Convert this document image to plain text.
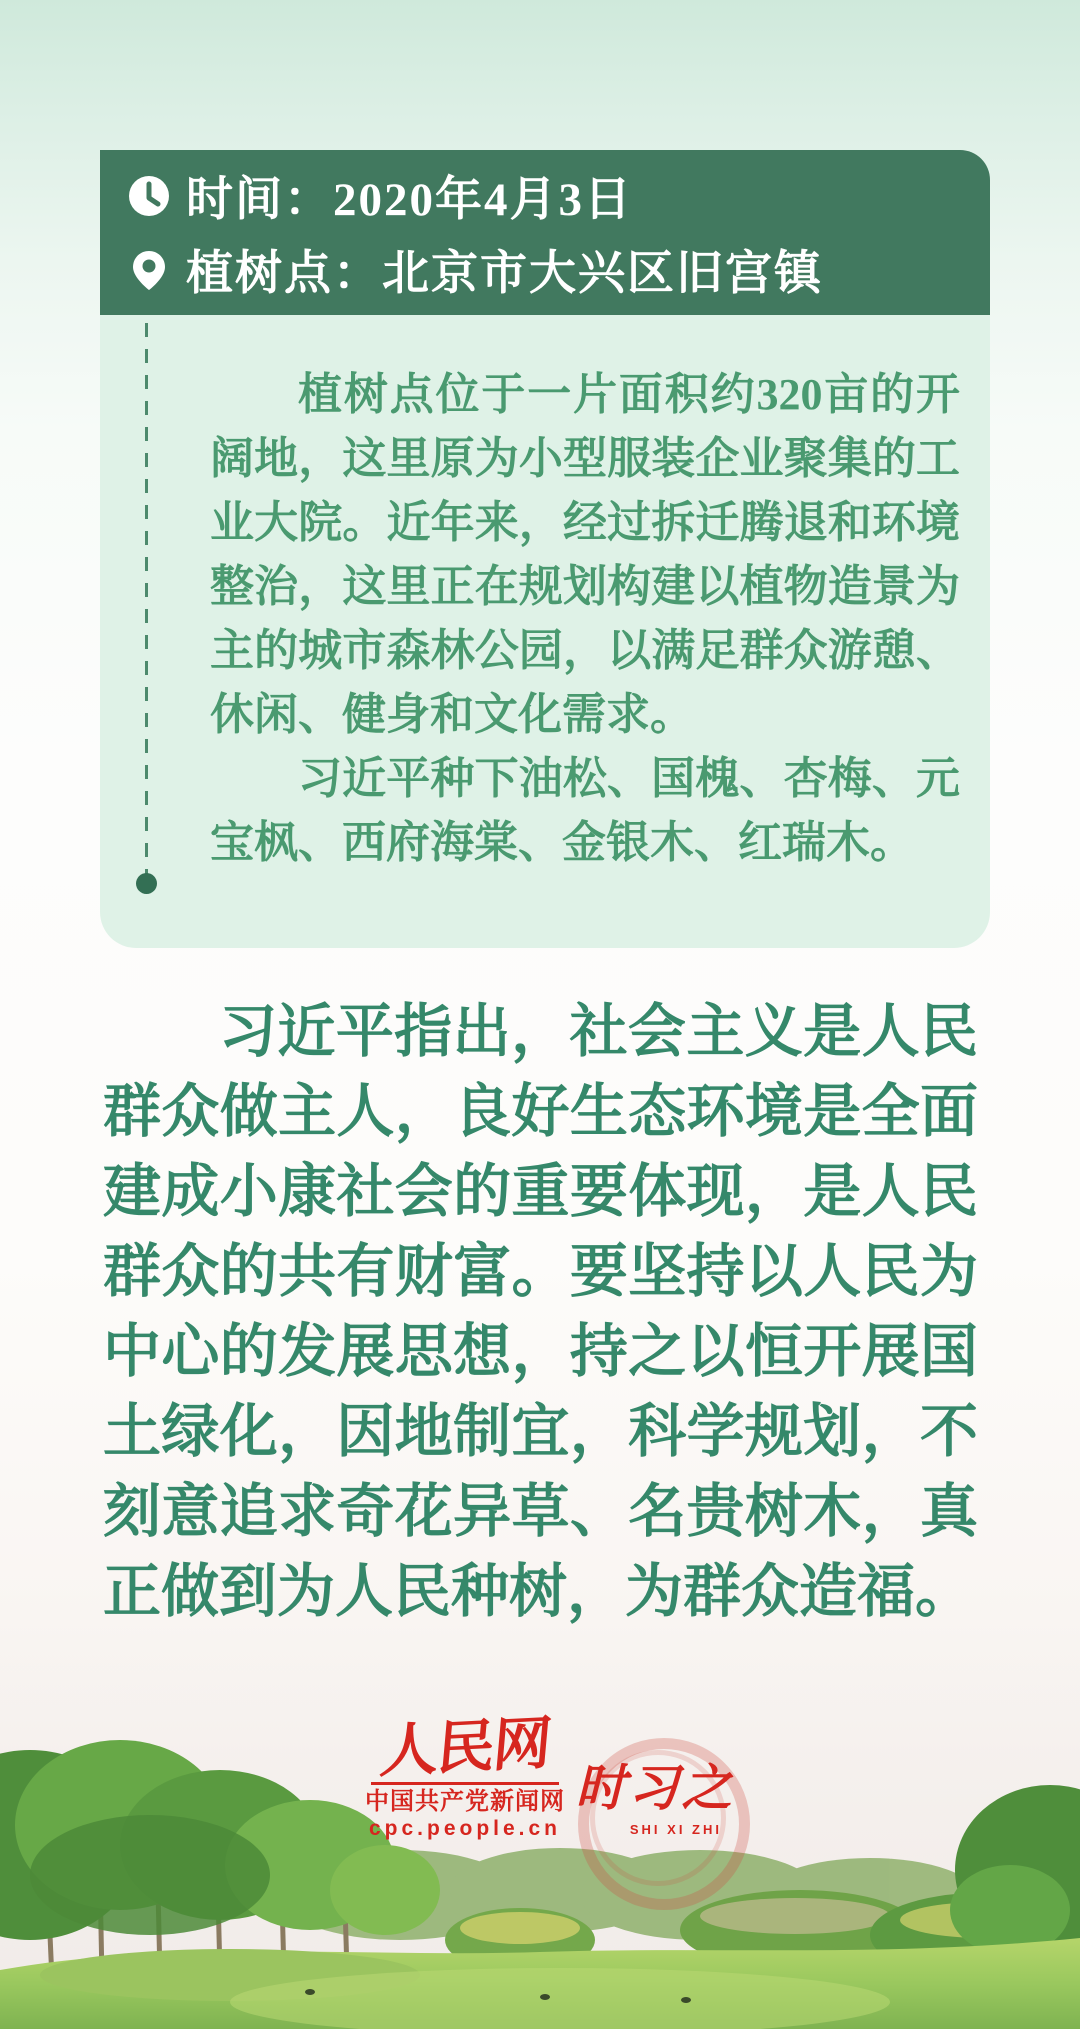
时间：2020年4月3日
植树点：北京市大兴区旧宫镇

植树点位于一片面积约320亩的开阔地，这里原为小型服装企业聚集的工业大院。近年来，经过拆迁腾退和环境整治，这里正在规划构建以植物造景为主的城市森林公园，以满足群众游憩、休闲、健身和文化需求。

习近平种下油松、国槐、杏梅、元宝枫、西府海棠、金银木、红瑞木。

习近平指出，社会主义是人民群众做主人，良好生态环境是全面建成小康社会的重要体现，是人民群众的共有财富。要坚持以人民为中心的发展思想，持之以恒开展国土绿化，因地制宜，科学规划，不刻意追求奇花异草、名贵树木，真正做到为人民种树，为群众造福。
人民网
中国共产党新闻网
cpc.people.cn
时习之
SHI XI ZHI
